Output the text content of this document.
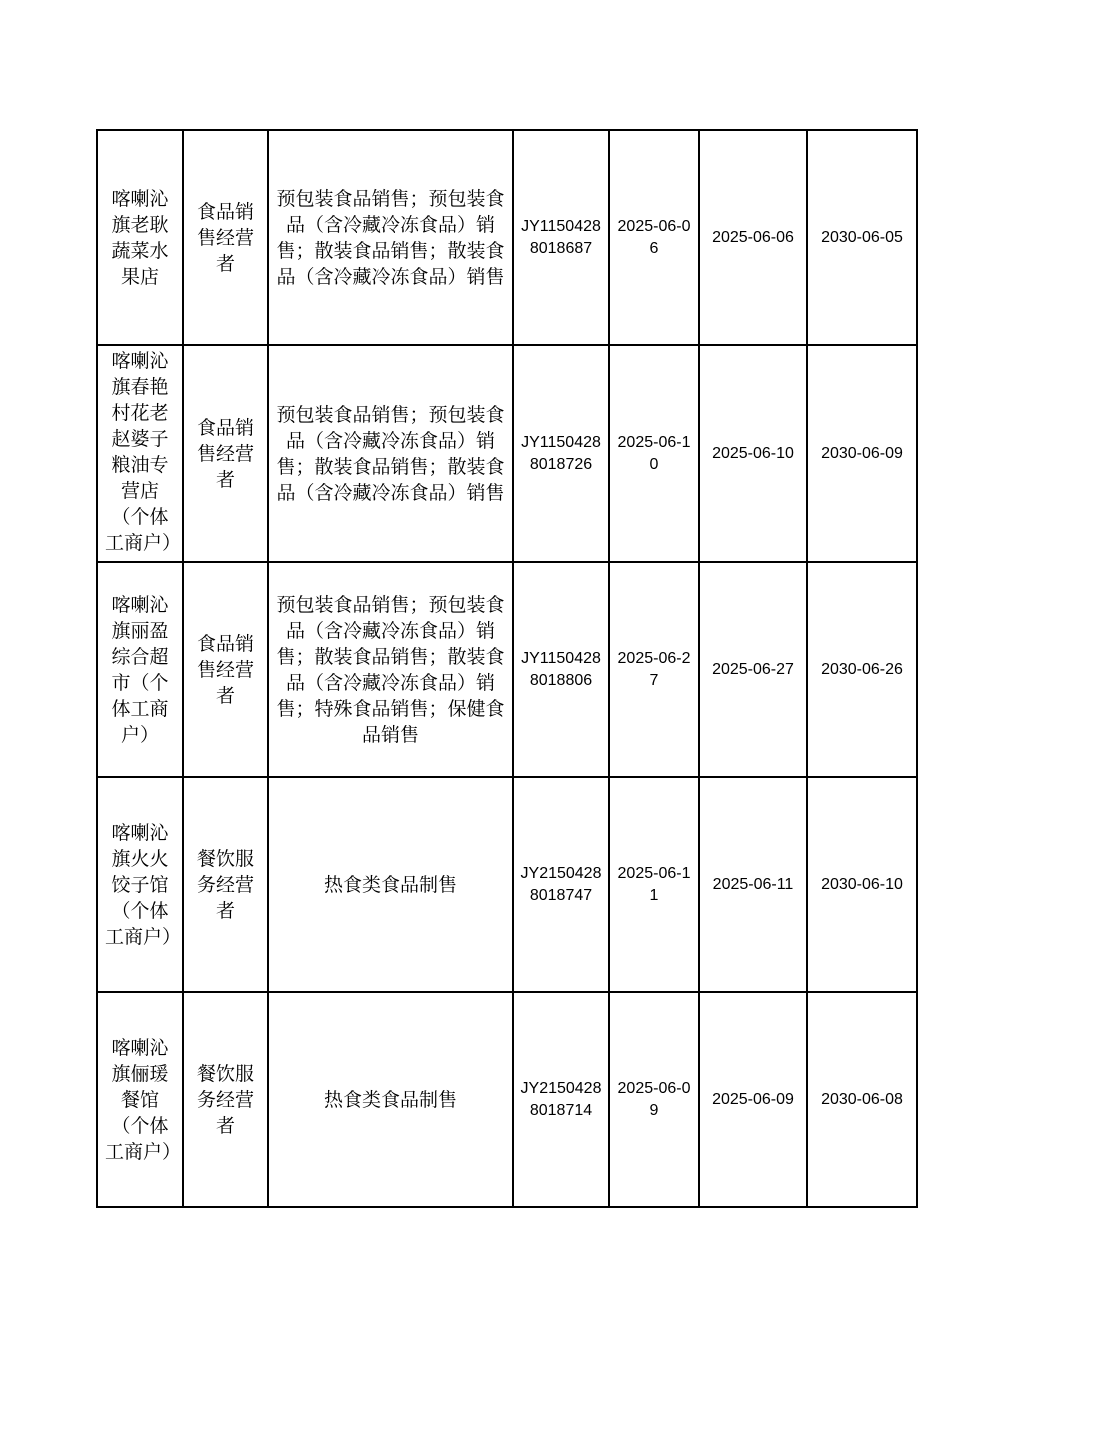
喀喇沁旗老耿蔬菜水果店	食品销售经营者	预包装食品销售；预包装食品（含冷藏冷冻食品）销售；散装食品销售；散装食品（含冷藏冷冻食品）销售	JY11504288018687	2025-06-06	2025-06-06	2030-06-05

喀喇沁旗春艳村花老赵婆子粮油专营店（个体工商户）	食品销售经营者	预包装食品销售；预包装食品（含冷藏冷冻食品）销售；散装食品销售；散装食品（含冷藏冷冻食品）销售	JY11504288018726	2025-06-10	2025-06-10	2030-06-09

喀喇沁旗丽盈综合超市（个体工商户）	食品销售经营者	预包装食品销售；预包装食品（含冷藏冷冻食品）销售；散装食品销售；散装食品（含冷藏冷冻食品）销售；特殊食品销售；保健食品销售	JY11504288018806	2025-06-27	2025-06-27	2030-06-26

喀喇沁旗火火饺子馆（个体工商户）	餐饮服务经营者	热食类食品制售	JY21504288018747	2025-06-11	2025-06-11	2030-06-10

喀喇沁旗俪瑗餐馆（个体工商户）	餐饮服务经营者	热食类食品制售	JY21504288018714	2025-06-09	2025-06-09	2030-06-08
